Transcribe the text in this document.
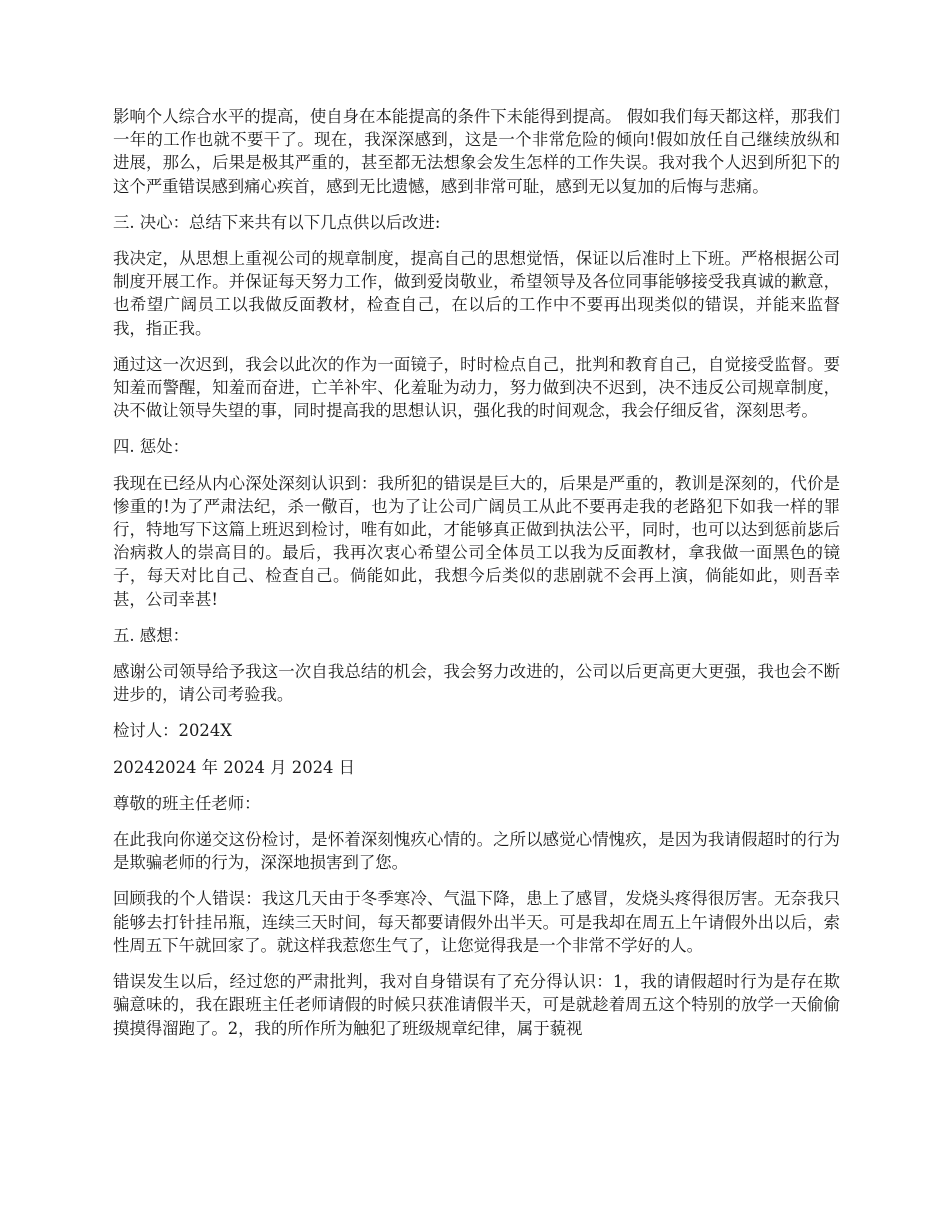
影响个人综合水平的提高，使自身在本能提高的条件下未能得到提高。 假如我们每天都这样，那我们一年的工作也就不要干了。现在，我深深感到，这是一个非常危险的倾向!假如放任自己继续放纵和进展，那么，后果是极其严重的，甚至都无法想象会发生怎样的工作失误。我对我个人迟到所犯下的这个严重错误感到痛心疾首，感到无比遗憾，感到非常可耻，感到无以复加的后悔与悲痛。

三. 决心：总结下来共有以下几点供以后改进:

我决定，从思想上重视公司的规章制度，提高自己的思想觉悟，保证以后准时上下班。严格根据公司制度开展工作。并保证每天努力工作，做到爱岗敬业，希望领导及各位同事能够接受我真诚的歉意，也希望广阔员工以我做反面教材，检查自己，在以后的工作中不要再出现类似的错误，并能来监督我，指正我。

通过这一次迟到，我会以此次的作为一面镜子，时时检点自己，批判和教育自己，自觉接受监督。要知羞而警醒，知羞而奋进，亡羊补牢、化羞耻为动力，努力做到决不迟到，决不违反公司规章制度，决不做让领导失望的事，同时提高我的思想认识，强化我的时间观念，我会仔细反省，深刻思考。

四. 惩处：

我现在已经从内心深处深刻认识到：我所犯的错误是巨大的，后果是严重的，教训是深刻的，代价是惨重的!为了严肃法纪，杀一儆百，也为了让公司广阔员工从此不要再走我的老路犯下如我一样的罪行，特地写下这篇上班迟到检讨，唯有如此，才能够真正做到执法公平，同时，也可以达到惩前毖后治病救人的崇高目的。最后，我再次衷心希望公司全体员工以我为反面教材，拿我做一面黑色的镜子，每天对比自己、检查自己。倘能如此，我想今后类似的悲剧就不会再上演，倘能如此，则吾幸甚，公司幸甚!

五. 感想：

感谢公司领导给予我这一次自我总结的机会，我会努力改进的，公司以后更高更大更强，我也会不断进步的，请公司考验我。

检讨人：2024X

20242024 年 2024 月 2024 日

尊敬的班主任老师：

在此我向你递交这份检讨，是怀着深刻愧疚心情的。之所以感觉心情愧疚，是因为我请假超时的行为是欺骗老师的行为，深深地损害到了您。

回顾我的个人错误：我这几天由于冬季寒冷、气温下降，患上了感冒，发烧头疼得很厉害。无奈我只能够去打针挂吊瓶，连续三天时间，每天都要请假外出半天。可是我却在周五上午请假外出以后，索性周五下午就回家了。就这样我惹您生气了，让您觉得我是一个非常不学好的人。

错误发生以后，经过您的严肃批判，我对自身错误有了充分得认识：1，我的请假超时行为是存在欺骗意味的，我在跟班主任老师请假的时候只获准请假半天，可是就趁着周五这个特别的放学一天偷偷摸摸得溜跑了。2，我的所作所为触犯了班级规章纪律，属于藐视
